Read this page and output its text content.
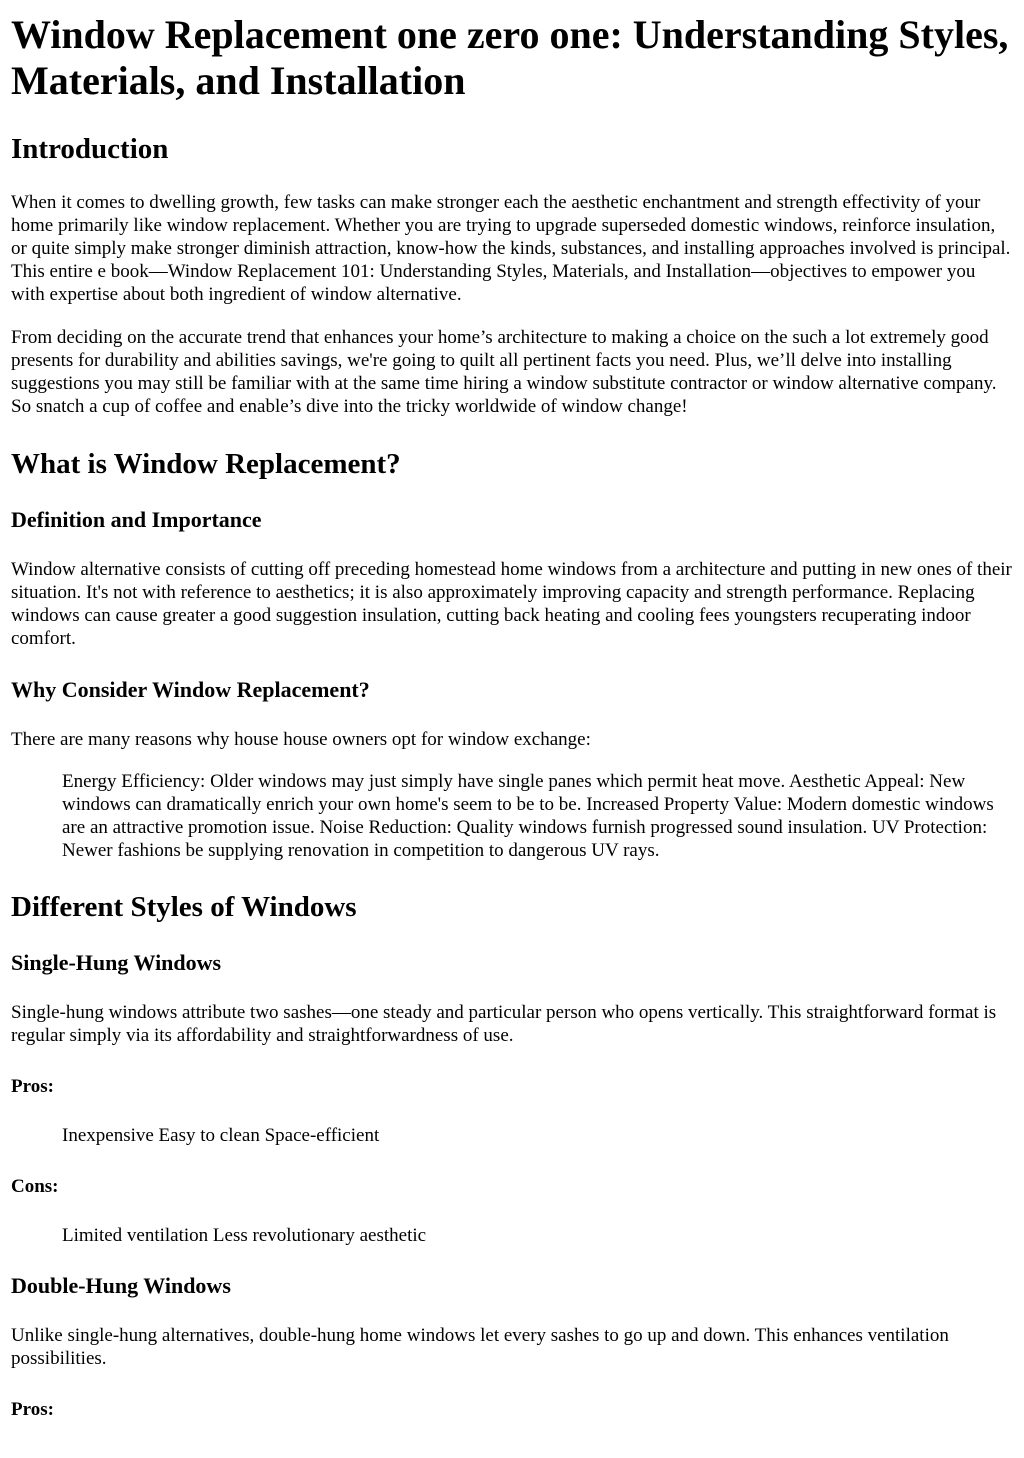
Window Replacement one zero one: Understanding Styles, Materials, and Installation
Introduction

When it comes to dwelling growth, few tasks can make stronger each the aesthetic enchantment and strength effectivity of your home primarily like window replacement. Whether you are trying to upgrade superseded domestic windows, reinforce insulation, or quite simply make stronger diminish attraction, know-how the kinds, substances, and installing approaches involved is principal. This entire e book—Window Replacement 101: Understanding Styles, Materials, and Installation—objectives to empower you with expertise about both ingredient of window alternative.

From deciding on the accurate trend that enhances your home’s architecture to making a choice on the such a lot extremely good presents for durability and abilities savings, we're going to quilt all pertinent facts you need. Plus, we’ll delve into installing suggestions you may still be familiar with at the same time hiring a window substitute contractor or window alternative company. So snatch a cup of coffee and enable’s dive into the tricky worldwide of window change!

What is Window Replacement?
Definition and Importance

Window alternative consists of cutting off preceding homestead home windows from a architecture and putting in new ones of their situation. It's not with reference to aesthetics; it is also approximately improving capacity and strength performance. Replacing windows can cause greater a good suggestion insulation, cutting back heating and cooling fees youngsters recuperating indoor comfort.

Why Consider Window Replacement?

There are many reasons why house house owners opt for window exchange:

Energy Efficiency: Older windows may just simply have single panes which permit heat move. Aesthetic Appeal: New windows can dramatically enrich your own home's seem to be to be. Increased Property Value: Modern domestic windows are an attractive promotion issue. Noise Reduction: Quality windows furnish progressed sound insulation. UV Protection: Newer fashions be supplying renovation in competition to dangerous UV rays.
Different Styles of Windows
Single-Hung Windows

Single-hung windows attribute two sashes—one steady and particular person who opens vertically. This straightforward format is regular simply via its affordability and straightforwardness of use.

Pros:

Inexpensive Easy to clean Space-efficient

Cons:

Limited ventilation Less revolutionary aesthetic
Double-Hung Windows

Unlike single-hung alternatives, double-hung home windows let every sashes to go up and down. This enhances ventilation possibilities.

Pros:
